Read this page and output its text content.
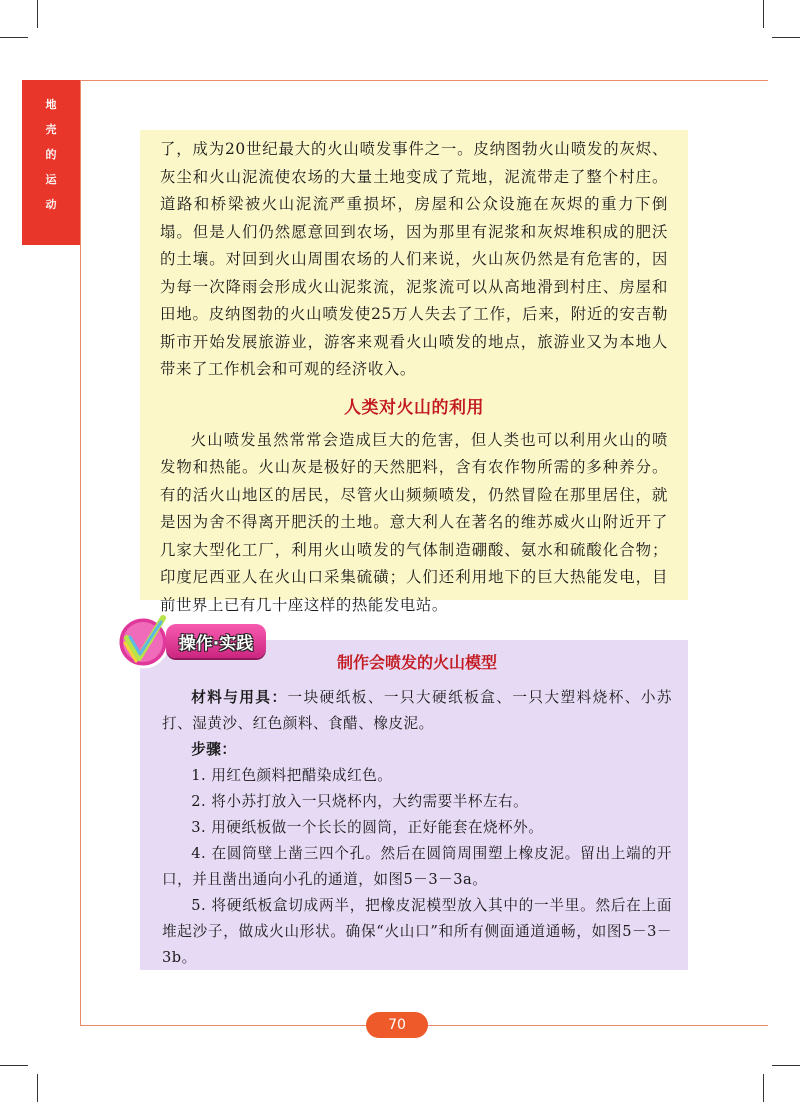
地
壳
的
运
动

了，成为20世纪最大的火山喷发事件之一。皮纳图勃火山喷发的灰烬、灰尘和火山泥流使农场的大量土地变成了荒地，泥流带走了整个村庄。道路和桥梁被火山泥流严重损坏，房屋和公众设施在灰烬的重力下倒塌。但是人们仍然愿意回到农场，因为那里有泥浆和灰烬堆积成的肥沃的土壤。对回到火山周围农场的人们来说，火山灰仍然是有危害的，因为每一次降雨会形成火山泥浆流，泥浆流可以从高地滑到村庄、房屋和田地。皮纳图勃的火山喷发使25万人失去了工作，后来，附近的安吉勒斯市开始发展旅游业，游客来观看火山喷发的地点，旅游业又为本地人带来了工作机会和可观的经济收入。

人类对火山的利用

火山喷发虽然常常会造成巨大的危害，但人类也可以利用火山的喷发物和热能。火山灰是极好的天然肥料，含有农作物所需的多种养分。有的活火山地区的居民，尽管火山频频喷发，仍然冒险在那里居住，就是因为舍不得离开肥沃的土地。意大利人在著名的维苏威火山附近开了几家大型化工厂，利用火山喷发的气体制造硼酸、氨水和硫酸化合物；印度尼西亚人在火山口采集硫磺；人们还利用地下的巨大热能发电，目前世界上已有几十座这样的热能发电站。

制作会喷发的火山模型

材料与用具：一块硬纸板、一只大硬纸板盒、一只大塑料烧杯、小苏打、湿黄沙、红色颜料、食醋、橡皮泥。

步骤：

1. 用红色颜料把醋染成红色。

2. 将小苏打放入一只烧杯内，大约需要半杯左右。

3. 用硬纸板做一个长长的圆筒，正好能套在烧杯外。

4. 在圆筒壁上凿三四个孔。然后在圆筒周围塑上橡皮泥。留出上端的开口，并且凿出通向小孔的通道，如图5－3－3a。

5. 将硬纸板盒切成两半，把橡皮泥模型放入其中的一半里。然后在上面堆起沙子，做成火山形状。确保“火山口”和所有侧面通道通畅，如图5－3－3b。

操作·实践
70
